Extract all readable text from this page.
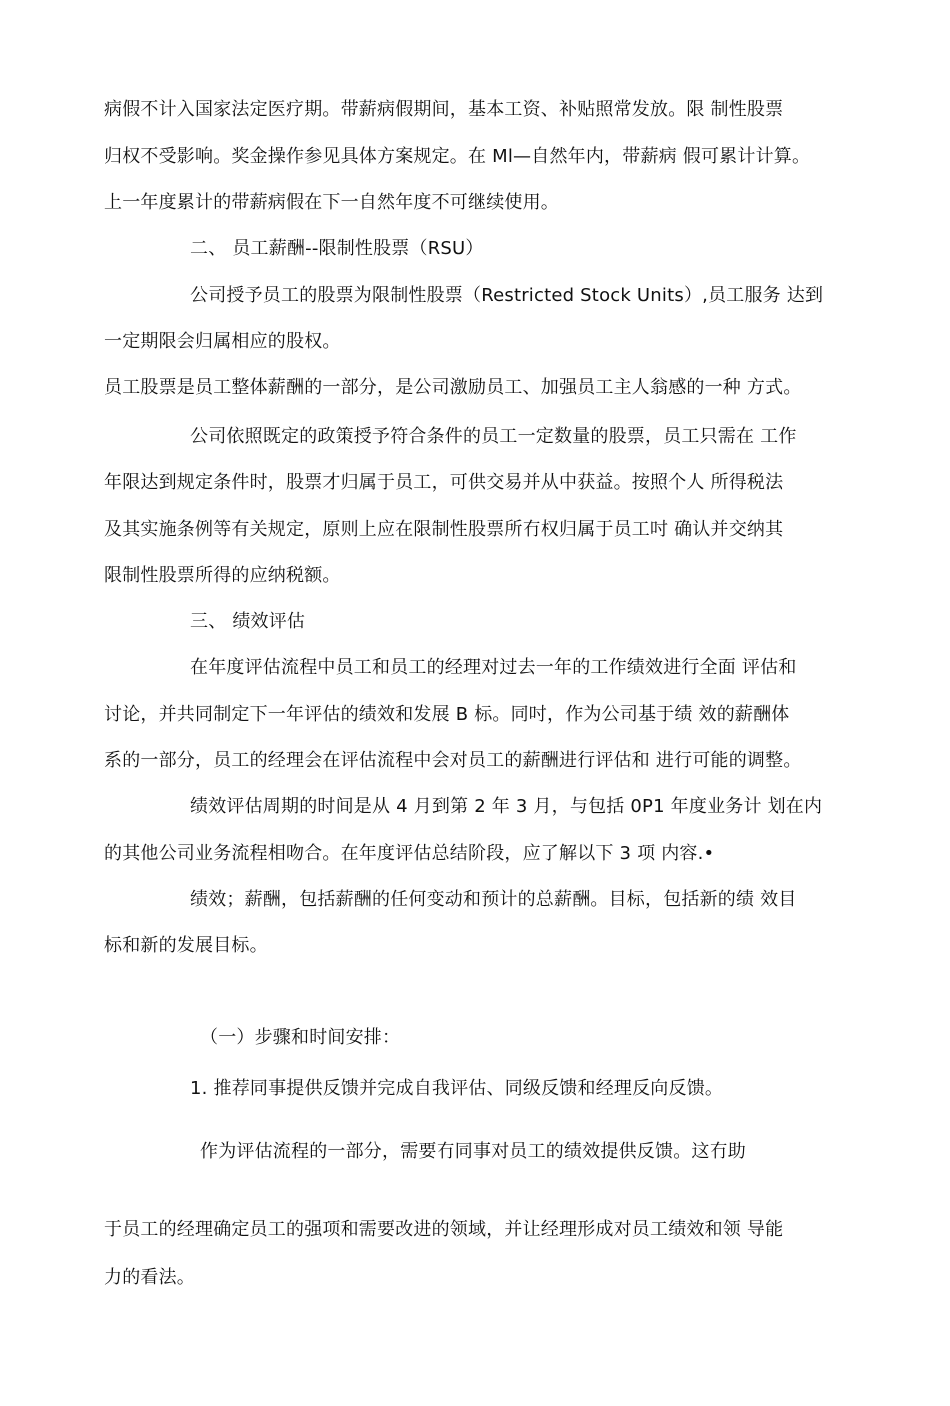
病假不计入国家法定医疗期。带薪病假期间，基本工资、补贴照常发放。限 制性股票
归权不受影响。奖金操作参见具体方案规定。在 Ml—自然年内，带薪病 假可累计计算。
上一年度累计的带薪病假在下一自然年度不可继续使用。
二、 员工薪酬--限制性股票（RSU）
公司授予员工的股票为限制性股票（Restricted Stock Units）,员工服务 达到
一定期限会归属相应的股权。
员工股票是员工整体薪酬的一部分，是公司激励员工、加强员工主人翁感的一种 方式。
公司依照既定的政策授予符合条件的员工一定数量的股票，员工只需在 工作
年限达到规定条件时，股票才归属于员工，可供交易并从中获益。按照个人 所得税法
及其实施条例等有关规定，原则上应在限制性股票所冇权归属于员工吋 确认并交纳其
限制性股票所得的应纳税额。
三、 绩效评估
在年度评估流程中员工和员工的经理对过去一年的工作绩效进行全面 评估和
讨论，并共同制定下一年评估的绩效和发展 B 标。同吋，作为公司基于绩 效的薪酬体
系的一部分，员工的经理会在评估流程中会对员工的薪酬进行评估和 进行可能的调整。
绩效评估周期的时间是从 4 月到第 2 年 3 月，与包括 0P1 年度业务计 划在内
的其他公司业务流程相吻合。在年度评估总结阶段，应了解以下 3 项 内容.•
绩效；薪酬，包括薪酬的任何变动和预计的总薪酬。目标，包括新的绩 效目
标和新的发展目标。
（一）步骤和时间安排：
1. 推荐同事提供反馈并完成自我评估、同级反馈和经理反向反馈。
作为评估流程的一部分，需要冇同事对员工的绩效提供反馈。这冇助
于员工的经理确定员工的强项和需要改进的领域，并让经理形成对员工绩效和领 导能
力的看法。
